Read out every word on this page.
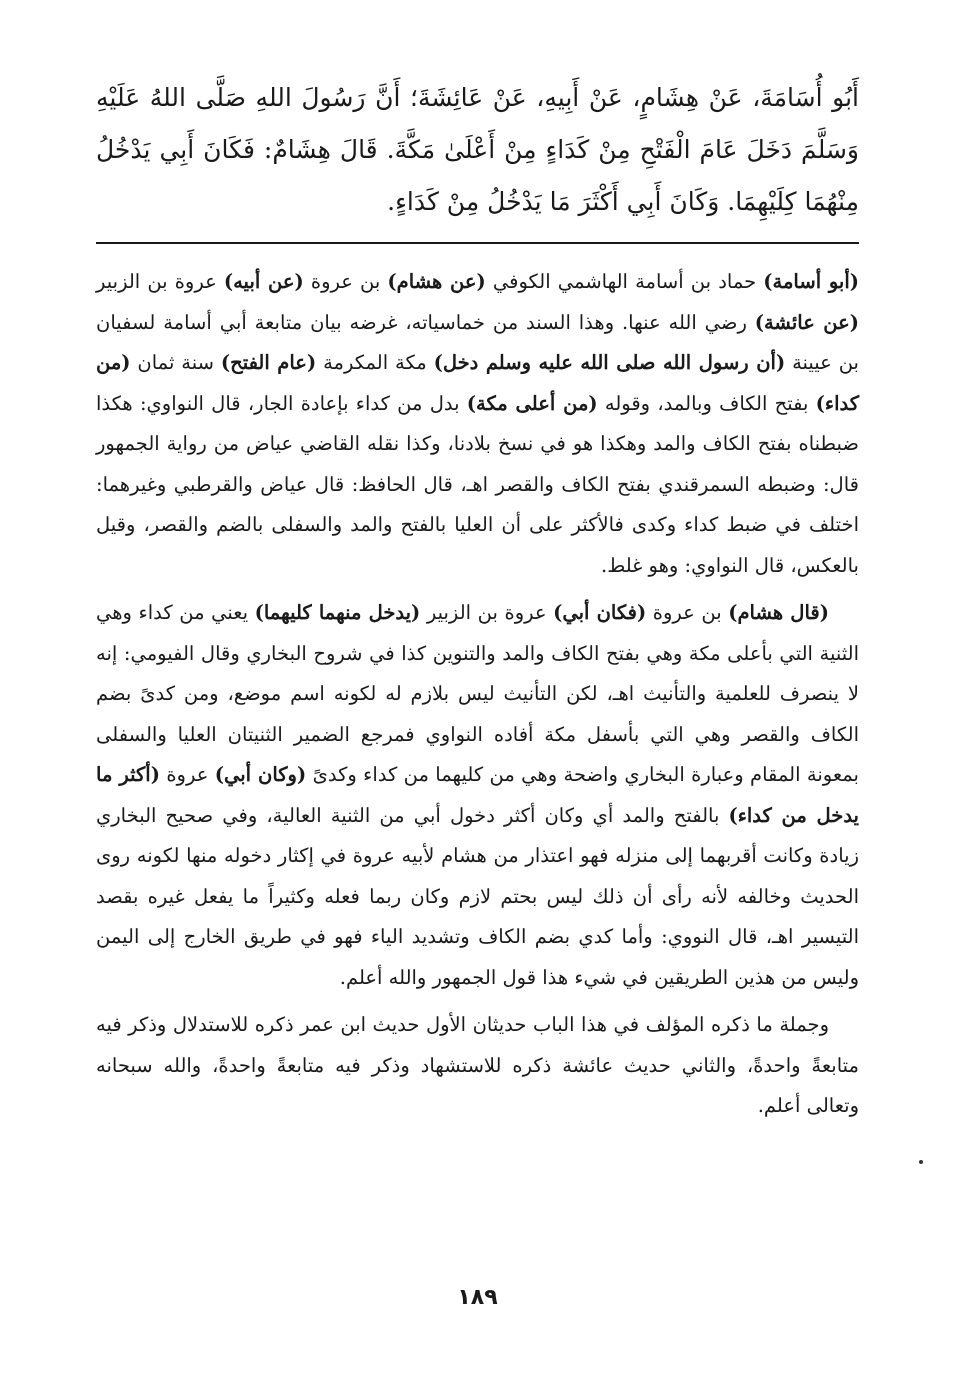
أَبُو أُسَامَةَ، عَنْ هِشَامٍ، عَنْ أَبِيهِ، عَنْ عَائِشَةَ؛ أَنَّ رَسُولَ اللهِ صَلَّى اللهُ عَلَيْهِ وَسَلَّمَ دَخَلَ عَامَ الْفَتْحِ مِنْ كَدَاءٍ مِنْ أَعْلَىٰ مَكَّةَ. قَالَ هِشَامٌ: فَكَانَ أَبِي يَدْخُلُ مِنْهُمَا كِلَيْهِمَا. وَكَانَ أَبِي أَكْثَرَ مَا يَدْخُلُ مِنْ كَدَاءٍ.

(أبو أسامة) حماد بن أسامة الهاشمي الكوفي (عن هشام) بن عروة (عن أبيه) عروة بن الزبير (عن عائشة) رضي الله عنها. وهذا السند من خماسياته، غرضه بيان متابعة أبي أسامة لسفيان بن عيينة (أن رسول الله صلى الله عليه وسلم دخل) مكة المكرمة (عام الفتح) سنة ثمان (من كداء) بفتح الكاف وبالمد، وقوله (من أعلى مكة) بدل من كداء بإعادة الجار، قال النواوي: هكذا ضبطناه بفتح الكاف والمد وهكذا هو في نسخ بلادنا، وكذا نقله القاضي عياض من رواية الجمهور قال: وضبطه السمرقندي بفتح الكاف والقصر اهـ، قال الحافظ: قال عياض والقرطبي وغيرهما: اختلف في ضبط كداء وكدى فالأكثر على أن العليا بالفتح والمد والسفلى بالضم والقصر، وقيل بالعكس، قال النواوي: وهو غلط.

(قال هشام) بن عروة (فكان أبي) عروة بن الزبير (يدخل منهما كليهما) يعني من كداء وهي الثنية التي بأعلى مكة وهي بفتح الكاف والمد والتنوين كذا في شروح البخاري وقال الفيومي: إنه لا ينصرف للعلمية والتأنيث اهـ، لكن التأنيث ليس بلازم له لكونه اسم موضع، ومن كدىً بضم الكاف والقصر وهي التي بأسفل مكة أفاده النواوي فمرجع الضمير الثنيتان العليا والسفلى بمعونة المقام وعبارة البخاري واضحة وهي من كليهما من كداء وكدىً (وكان أبي) عروة (أكثر ما يدخل من كداء) بالفتح والمد أي وكان أكثر دخول أبي من الثنية العالية، وفي صحيح البخاري زيادة وكانت أقربهما إلى منزله فهو اعتذار من هشام لأبيه عروة في إكثار دخوله منها لكونه روى الحديث وخالفه لأنه رأى أن ذلك ليس بحتم لازم وكان ربما فعله وكثيراً ما يفعل غيره بقصد التيسير اهـ، قال النووي: وأما كدي بضم الكاف وتشديد الياء فهو في طريق الخارج إلى اليمن وليس من هذين الطريقين في شيء هذا قول الجمهور والله أعلم.

وجملة ما ذكره المؤلف في هذا الباب حديثان الأول حديث ابن عمر ذكره للاستدلال وذكر فيه متابعةً واحدةً، والثاني حديث عائشة ذكره للاستشهاد وذكر فيه متابعةً واحدةً، والله سبحانه وتعالى أعلم.

١٨٩
